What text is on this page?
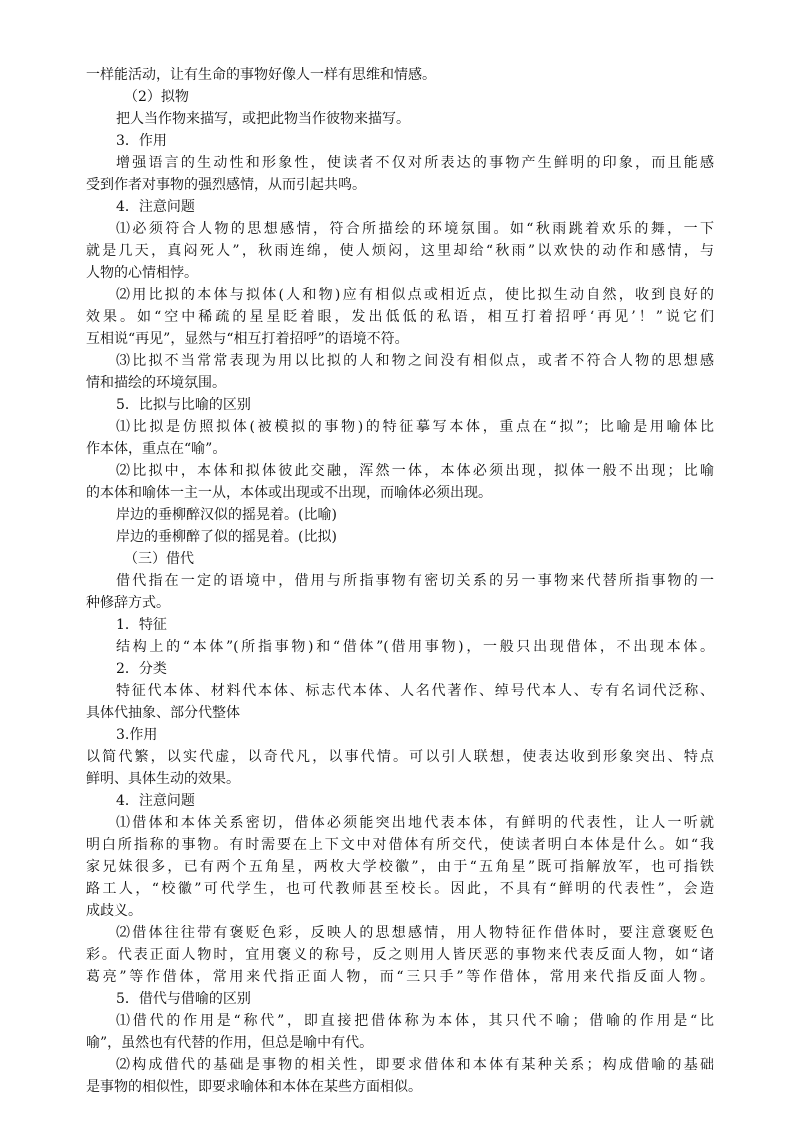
一样能活动，让有生命的事物好像人一样有思维和情感。
（2）拟物
把人当作物来描写，或把此物当作彼物来描写。
3．作用
增强语言的生动性和形象性，使读者不仅对所表达的事物产生鲜明的印象，而且能感
受到作者对事物的强烈感情，从而引起共鸣。
4．注意问题
⑴必须符合人物的思想感情，符合所描绘的环境氛围。如“秋雨跳着欢乐的舞，一下
就是几天，真闷死人”，秋雨连绵，使人烦闷，这里却给“秋雨”以欢快的动作和感情，与
人物的心情相悖。
⑵用比拟的本体与拟体(人和物)应有相似点或相近点，使比拟生动自然，收到良好的
效果。如“空中稀疏的星星眨着眼，发出低低的私语，相互打着招呼‘再见’！”说它们
互相说“再见”，显然与“相互打着招呼”的语境不符。
⑶比拟不当常常表现为用以比拟的人和物之间没有相似点，或者不符合人物的思想感
情和描绘的环境氛围。
5．比拟与比喻的区别
⑴比拟是仿照拟体(被模拟的事物)的特征摹写本体，重点在“拟”；比喻是用喻体比
作本体，重点在“喻”。
⑵比拟中，本体和拟体彼此交融，浑然一体，本体必须出现，拟体一般不出现；比喻
的本体和喻体一主一从，本体或出现或不出现，而喻体必须出现。
岸边的垂柳醉汉似的摇晃着。(比喻)
岸边的垂柳醉了似的摇晃着。(比拟)
（三）借代
借代指在一定的语境中，借用与所指事物有密切关系的另一事物来代替所指事物的一
种修辞方式。
1．特征
结构上的“本体”(所指事物)和“借体”(借用事物)，一般只出现借体，不出现本体。
2．分类
特征代本体、材料代本体、标志代本体、人名代著作、绰号代本人、专有名词代泛称、
具体代抽象、部分代整体
3.作用
以简代繁，以实代虚，以奇代凡，以事代情。可以引人联想，使表达收到形象突出、特点
鲜明、具体生动的效果。
4．注意问题
⑴借体和本体关系密切，借体必须能突出地代表本体，有鲜明的代表性，让人一听就
明白所指称的事物。有时需要在上下文中对借体有所交代，使读者明白本体是什么。如“我
家兄妹很多，已有两个五角星，两枚大学校徽”，由于“五角星”既可指解放军，也可指铁
路工人，“校徽”可代学生，也可代教师甚至校长。因此，不具有“鲜明的代表性”，会造
成歧义。
⑵借体往往带有褒贬色彩，反映人的思想感情，用人物特征作借体时，要注意褒贬色
彩。代表正面人物时，宜用褒义的称号，反之则用人皆厌恶的事物来代表反面人物，如“诸
葛亮”等作借体，常用来代指正面人物，而“三只手”等作借体，常用来代指反面人物。
5．借代与借喻的区别
⑴借代的作用是“称代”，即直接把借体称为本体，其只代不喻；借喻的作用是“比
喻”，虽然也有代替的作用，但总是喻中有代。
⑵构成借代的基础是事物的相关性，即要求借体和本体有某种关系；构成借喻的基础
是事物的相似性，即要求喻体和本体在某些方面相似。
